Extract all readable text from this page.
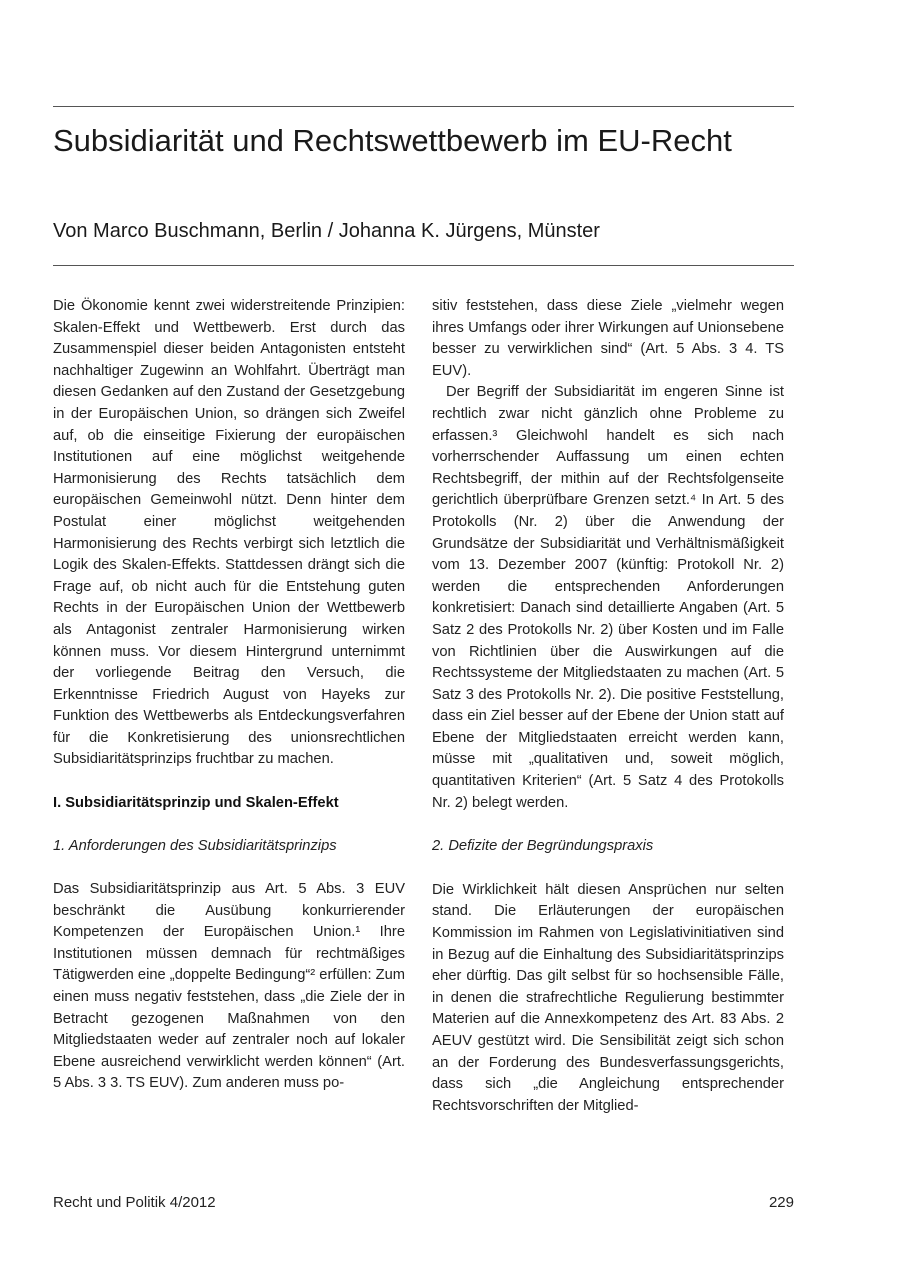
Subsidiarität und Rechtswettbewerb im EU-Recht

Von Marco Buschmann, Berlin / Johanna K. Jürgens, Münster

Die Ökonomie kennt zwei widerstreitende Prinzipien: Skalen-Effekt und Wettbewerb. Erst durch das Zusammenspiel dieser beiden Antagonisten entsteht nachhaltiger Zugewinn an Wohlfahrt. Überträgt man diesen Gedanken auf den Zustand der Gesetzgebung in der Europäischen Union, so drängen sich Zweifel auf, ob die einseitige Fixierung der europäischen Institutionen auf eine möglichst weitgehende Harmonisierung des Rechts tatsächlich dem europäischen Gemeinwohl nützt. Denn hinter dem Postulat einer möglichst weitgehenden Harmonisierung des Rechts verbirgt sich letztlich die Logik des Skalen-Effekts. Stattdessen drängt sich die Frage auf, ob nicht auch für die Entstehung guten Rechts in der Europäischen Union der Wettbewerb als Antagonist zentraler Harmonisierung wirken können muss. Vor diesem Hintergrund unternimmt der vorliegende Beitrag den Versuch, die Erkenntnisse Friedrich August von Hayeks zur Funktion des Wettbewerbs als Entdeckungsverfahren für die Konkretisierung des unionsrechtlichen Subsidiaritätsprinzips fruchtbar zu machen.

I. Subsidiaritätsprinzip und Skalen-Effekt
1. Anforderungen des Subsidiaritätsprinzips

Das Subsidiaritätsprinzip aus Art. 5 Abs. 3 EUV beschränkt die Ausübung konkurrierender Kompetenzen der Europäischen Union.¹ Ihre Institutionen müssen demnach für rechtmäßiges Tätigwerden eine „doppelte Bedingung“² erfüllen: Zum einen muss negativ feststehen, dass „die Ziele der in Betracht gezogenen Maßnahmen von den Mitgliedstaaten weder auf zentraler noch auf lokaler Ebene ausreichend verwirklicht werden können“ (Art. 5 Abs. 3 3. TS EUV). Zum anderen muss po-

sitiv feststehen, dass diese Ziele „vielmehr wegen ihres Umfangs oder ihrer Wirkungen auf Unionsebene besser zu verwirklichen sind“ (Art. 5 Abs. 3 4. TS EUV).

Der Begriff der Subsidiarität im engeren Sinne ist rechtlich zwar nicht gänzlich ohne Probleme zu erfassen.³ Gleichwohl handelt es sich nach vorherrschender Auffassung um einen echten Rechtsbegriff, der mithin auf der Rechtsfolgenseite gerichtlich überprüfbare Grenzen setzt.⁴ In Art. 5 des Protokolls (Nr. 2) über die Anwendung der Grundsätze der Subsidiarität und Verhältnismäßigkeit vom 13. Dezember 2007 (künftig: Protokoll Nr. 2) werden die entsprechenden Anforderungen konkretisiert: Danach sind detaillierte Angaben (Art. 5 Satz 2 des Protokolls Nr. 2) über Kosten und im Falle von Richtlinien über die Auswirkungen auf die Rechtssysteme der Mitgliedstaaten zu machen (Art. 5 Satz 3 des Protokolls Nr. 2). Die positive Feststellung, dass ein Ziel besser auf der Ebene der Union statt auf Ebene der Mitgliedstaaten erreicht werden kann, müsse mit „qualitativen und, soweit möglich, quantitativen Kriterien“ (Art. 5 Satz 4 des Protokolls Nr. 2) belegt werden.

2. Defizite der Begründungspraxis

Die Wirklichkeit hält diesen Ansprüchen nur selten stand. Die Erläuterungen der europäischen Kommission im Rahmen von Legislativinitiativen sind in Bezug auf die Einhaltung des Subsidiaritätsprinzips eher dürftig. Das gilt selbst für so hochsensible Fälle, in denen die strafrechtliche Regulierung bestimmter Materien auf die Annexkompetenz des Art. 83 Abs. 2 AEUV gestützt wird. Die Sensibilität zeigt sich schon an der Forderung des Bundesverfassungsgerichts, dass sich „die Angleichung entsprechender Rechtsvorschriften der Mitglied-

Recht und Politik 4/2012	229
